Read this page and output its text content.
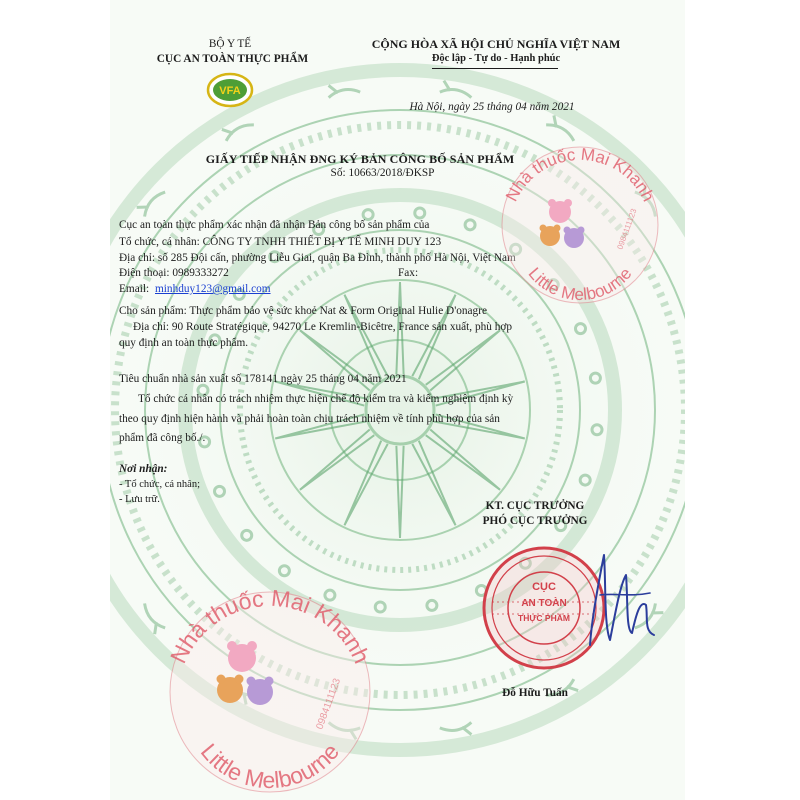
BỘ Y TẾ
CỤC AN TOÀN THỰC PHẨM
VFA
CỘNG HÒA XÃ HỘI CHỦ NGHĨA VIỆT NAM
Độc lập - Tự do - Hạnh phúc
Hà Nội, ngày 25 tháng 04 năm 2021
GIẤY TIẾP NHẬN ĐNG KÝ BẢN CÔNG BỐ SẢN PHẨM
Số: 10663/2018/ĐKSP
Cục an toàn thực phẩm xác nhận đã nhận Bản công bố sản phẩm của
Tổ chức, cá nhân: CÔNG TY TNHH THIẾT BỊ Y TẾ MINH DUY 123
Địa chỉ: số 285 Đội cấn, phường Liễu Giai, quận Ba Đình, thành phố Hà Nội, Việt Nam
Điện thoại: 0989333272	Fax:
Email: minhduy123@gmail.com
Cho sản phẩm: Thực phẩm bảo vệ sức khoẻ Nat & Form Original Hulie D'onagre
Địa chỉ: 90 Route Stratégique, 94270 Le Kremlin-Bicêtre, France sản xuất, phù hợp
quy định an toàn thực phẩm.
Tiêu chuẩn nhà sản xuất số 178141 ngày 25 tháng 04 năm 2021
Tổ chức cá nhân có trách nhiệm thực hiện chế độ kiểm tra và kiểm nghiệm định kỳ
theo quy định hiện hành và phải hoàn toàn chịu trách nhiệm về tính phù hợp của sản
phẩm đã công bố./.
Nơi nhận:
- Tổ chức, cá nhân;
- Lưu trữ.
KT. CỤC TRƯỞNG
PHÓ CỤC TRƯỞNG
CỤC
AN TOÀN
THỰC PHẨM
Đỗ Hữu Tuấn
Nhà thuốc Mai Khanh
Little Melbourne
0984111123
Nhà thuốc Mai Khanh
Little Melbourne
0984111123
